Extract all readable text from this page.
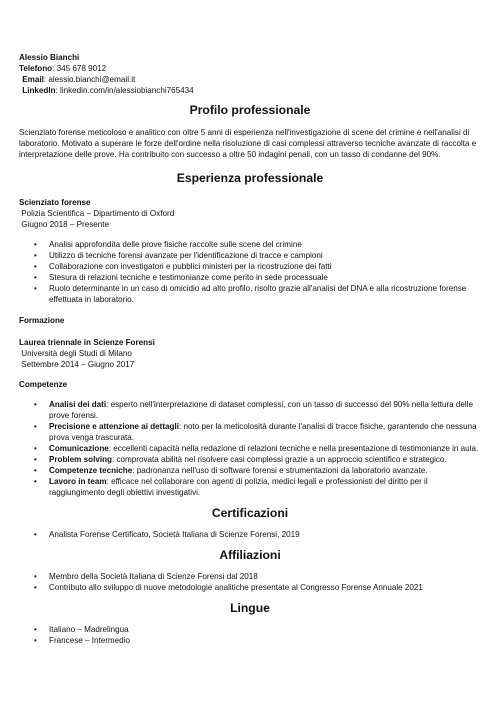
Alessio Bianchi
Telefono: 345 678 9012
Email: alessio.bianchi@email.it
LinkedIn: linkedin.com/in/alessiobianchi765434
Profilo professionale

Scienziato forense meticoloso e analitico con oltre 5 anni di esperienza nell'investigazione di scene del crimine e nell'analisi di laboratorio. Motivato a superare le forze dell'ordine nella risoluzione di casi complessi attraverso tecniche avanzate di raccolta e interpretazione delle prove. Ha contribuito con successo a oltre 50 indagini penali, con un tasso di condanne del 90%.

Esperienza professionale
Scienziato forense
Polizia Scientifica – Dipartimento di Oxford
Giugno 2018 – Presente
• Analisi approfondita delle prove fisiche raccolte sulle scene del crimine
• Utilizzo di tecniche forensi avanzate per l'identificazione di tracce e campioni
• Collaborazione con investigatori e pubblici ministeri per la ricostruzione dei fatti
• Stesura di relazioni tecniche e testimonianze come perito in sede processuale
• Ruolo determinante in un caso di omicidio ad alto profilo, risolto grazie all'analisi del DNA e alla ricostruzione forense effettuata in laboratorio.
Formazione
Laurea triennale in Scienze Forensi
Università degli Studi di Milano
Settembre 2014 – Giugno 2017
Competenze
• Analisi dei dati: esperto nell'interpretazione di dataset complessi, con un tasso di successo del 90% nella lettura delle prove forensi.
• Precisione e attenzione ai dettagli: noto per la meticolosità durante l'analisi di tracce fisiche, garantendo che nessuna prova venga trascurata.
• Comunicazione: eccellenti capacità nella redazione di relazioni tecniche e nella presentazione di testimonianze in aula.
• Problem solving: comprovata abilità nel risolvere casi complessi grazie a un approccio scientifico e strategico.
• Competenze tecniche: padronanza nell'uso di software forensi e strumentazioni da laboratorio avanzate.
• Lavoro in team: efficace nel collaborare con agenti di polizia, medici legali e professionisti del diritto per il raggiungimento degli obiettivi investigativi.
Certificazioni
• Analista Forense Certificato, Società Italiana di Scienze Forensi, 2019
Affiliazioni
• Membro della Società Italiana di Scienze Forensi dal 2018
• Contributo allo sviluppo di nuove metodologie analitiche presentate al Congresso Forense Annuale 2021
Lingue
• Italiano – Madrelingua
• Francese – Intermedio
